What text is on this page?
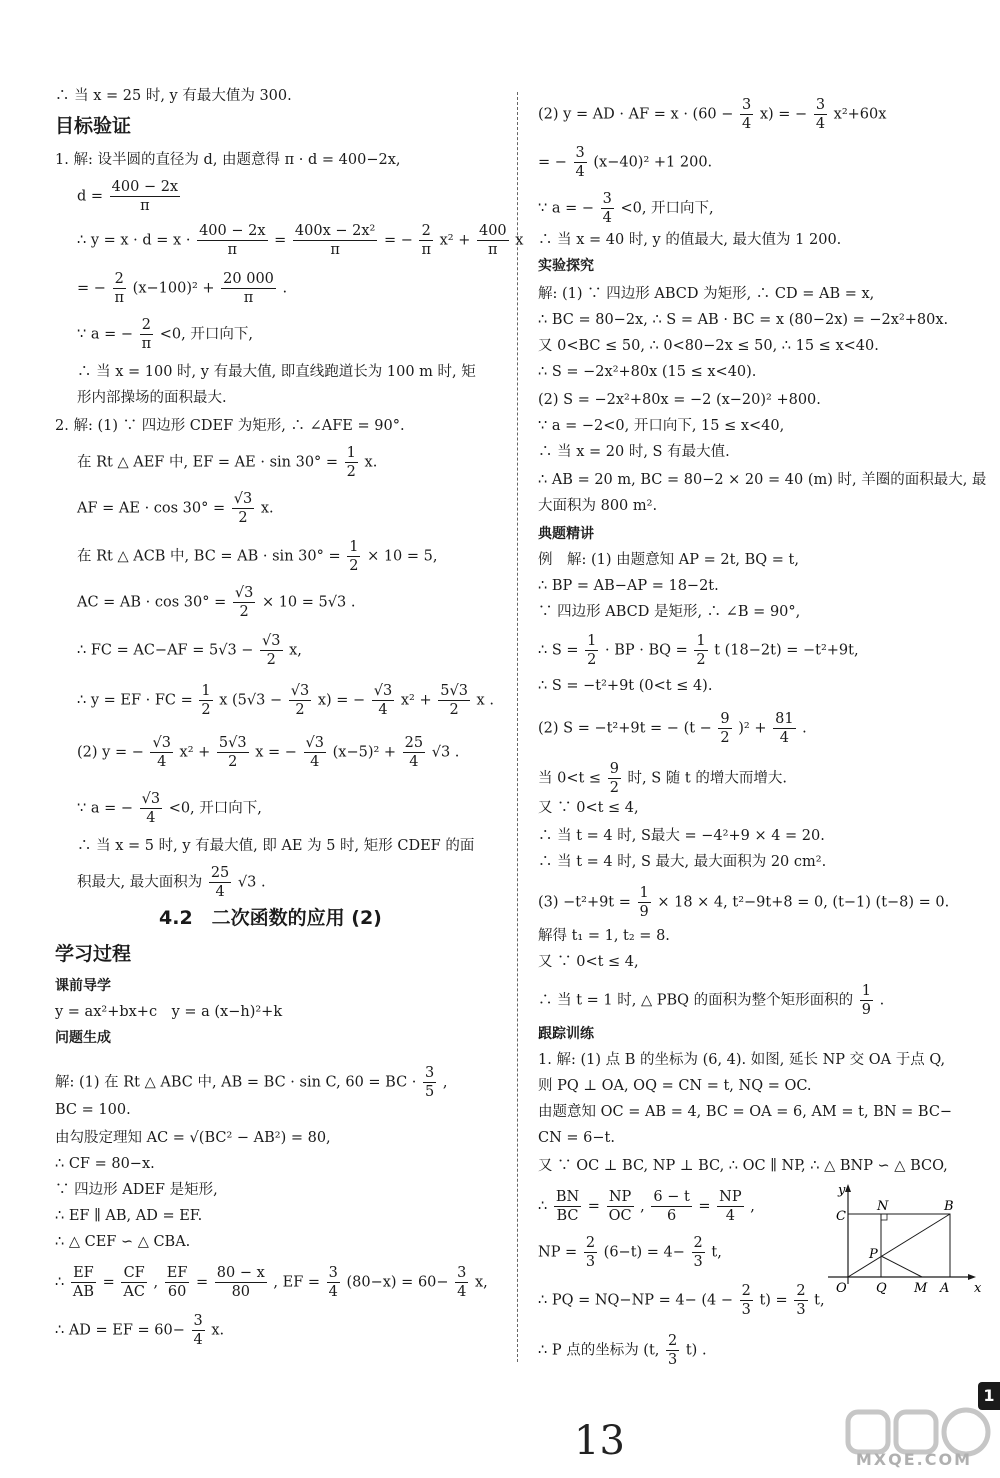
∴ 当 x = 25 时, y 有最大值为 300.
目标验证
1. 解: 设半圆的直径为 d, 由题意得 π · d = 400−2x,
$d = \frac{400 - 2x}{\pi}$
∴ $y = x \cdot d = x \cdot \frac{400 - 2x}{\pi} = \frac{\text{400x − 2x²}}{\pi}$ = − $\frac{2}{\pi} x^2 + \frac{400}{\pi}$ x
= − $\frac{2}{\pi} (x-100)^2 + \frac{20 000}{\pi}$ .
∵ a = − $\frac{2}{\pi} <0$, 开口向下,
∴ 当 x = 100 时, y 有最大值, 即直线跑道长为 100 m 时, 矩
形内部操场的面积最大.
2. 解: (1) ∵ 四边形 CDEF 为矩形, ∴ ∠AFE = 90°.
在 Rt △ AEF 中, EF = AE · $\sin 30^\circ = \frac{1}{2} x$.
AF = AE · $\cos 30^\circ = \frac{√3}{2} x$.
在 Rt △ ACB 中, BC = AB · $\sin 30^\circ = \frac{1}{2} \times 10 = 5$,
AC = AB · $\cos 30^\circ = \frac{√3}{2} \times 10 = 5√3$ .
∴ FC = $AC-AF = 5√3 - \frac{√3}{2} x$,
∴ y = EF · FC = $\frac{1}{2}$ x $(5√3 - \frac{√3}{2} x)$ = − $\frac{√3}{4} x^2 + \frac{5√3}{2}$ x .
(2) y = − $\frac{√3}{4} x^2 + \frac{5√3}{2}$ x = − $\frac{√3}{4} (x-5)^2 + \frac{25}{4} √3$ .
∵ a = − $\frac{√3}{4} <0$, 开口向下,
∴ 当 x = 5 时, y 有最大值, 即 AE 为 5 时, 矩形 CDEF 的面
积最大, 最大面积为 $\frac{25}{4} √3$ .
4.2　二次函数的应用 (2)
学习过程
课前导学
y = ax²+bx+c　y = a (x−h)²+k
问题生成
解: (1) 在 Rt △ ABC 中, AB = BC · sin C, 60 = BC · $\frac{3}{5}$ ,
BC = 100.
由勾股定理知 AC = √(BC² − AB²) = 80,
∴ CF = 80−x.
∵ 四边形 ADEF 是矩形,
∴ EF ∥ AB, AD = EF.
∴ △ CEF ∽ △ CBA.
∴ $\frac{EF}{AB} = \frac{CF}{AC}$ , $\frac{EF}{60} = \frac{80 - x}{80}$ , EF = $\frac{3}{4} (80-x) = 60- \frac{3}{4} x$,
∴ AD = EF = $60- \frac{3}{4} x$.
(2) y = AD · AF = $x \cdot (60 - \frac{3}{4} x)$ = − $\frac{3}{4} x^2+60x$
= − $\frac{3}{4} (x-40)^2 +1$ 200.
∵ a = − $\frac{3}{4} <0$, 开口向下,
∴ 当 x = 40 时, y 的值最大, 最大值为 1 200.
实验探究
解: (1) ∵ 四边形 ABCD 为矩形, ∴ CD = AB = x,
∴ BC = 80−2x, ∴ S = AB · BC = x (80−2x) = −2x²+80x.
又 0<BC ≤ 50, ∴ 0<80−2x ≤ 50, ∴ 15 ≤ x<40.
∴ S = −2x²+80x (15 ≤ x<40).
(2) S = −2x²+80x = −2 (x−20)² +800.
∵ a = −2<0, 开口向下, 15 ≤ x<40,
∴ 当 x = 20 时, S 有最大值.
∴ AB = 20 m, BC = 80−2 × 20 = 40 (m) 时, 羊圈的面积最大, 最
大面积为 800 m².
典题精讲
例　解: (1) 由题意知 AP = 2t, BQ = t,
∴ BP = AB−AP = 18−2t.
∵ 四边形 ABCD 是矩形, ∴ ∠B = 90°,
∴ $S = \frac{1}{2}$ · BP · BQ = $\frac{1}{2}$ t (18−2t) = −t²+9t,
∴ S = −t²+9t (0<t ≤ 4).
(2) S = −t²+9t = − $(t - \frac{9}{2} )^2 + \frac{81}{4}$ .
当 $0<t \le \frac{9}{2}$ 时, S 随 t 的增大而增大.
又 ∵ 0<t ≤ 4,
∴ 当 t = 4 时, S最大 = −4²+9 × 4 = 20.
∴ 当 t = 4 时, S 最大, 最大面积为 20 cm².
$(3) -t^2+9t = \frac{1}{9} \times 18 \times 4$, t²−9t+8 = 0, (t−1) (t−8) = 0.
解得 t₁ = 1, t₂ = 8.
又 ∵ 0<t ≤ 4,
∴ 当 t = 1 时, △ PBQ 的面积为整个矩形面积的 $\frac{1}{9}$ .
跟踪训练
1. 解: (1) 点 B 的坐标为 (6, 4). 如图, 延长 NP 交 OA 于点 Q,
则 PQ ⊥ OA, OQ = CN = t, NQ = OC.
由题意知 OC = AB = 4, BC = OA = 6, AM = t, BN = BC−
CN = 6−t.
又 ∵ OC ⊥ BC, NP ⊥ BC, ∴ OC ∥ NP, ∴ △ BNP ∽ △ BCO,
∴ $\frac{BN}{BC} = \frac{NP}{OC}$ , $\frac{6 - t}{6} = \frac{NP}{4}$ ,
NP = $\frac{2}{3} (6-t) = 4- \frac{2}{3} t$,
∴ PQ = $NQ-NP = 4- (4 - \frac{2}{3} t) = \frac{2}{3} t$,
∴ P 点的坐标为 (t, $\frac{2}{3} t$) .
y
x
N	B
C
P
O Q M A
13
1
MXQE.COM
